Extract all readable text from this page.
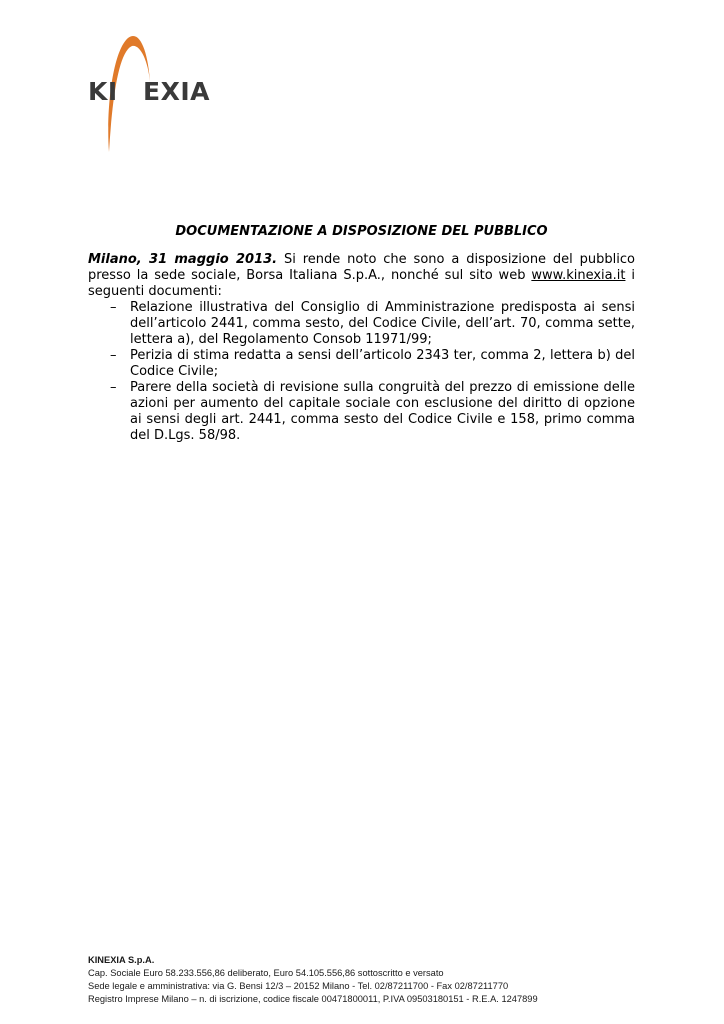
KI EXIA
DOCUMENTAZIONE A DISPOSIZIONE DEL PUBBLICO

Milano, 31 maggio 2013. Si rende noto che sono a disposizione del pubblico presso la sede sociale, Borsa Italiana S.p.A., nonché sul sito web www.kinexia.it i seguenti documenti:

– Relazione illustrativa del Consiglio di Amministrazione predisposta ai sensi dell’articolo 2441, comma sesto, del Codice Civile, dell’art. 70, comma sette, lettera a), del Regolamento Consob 11971/99;
– Perizia di stima redatta a sensi dell’articolo 2343 ter, comma 2, lettera b) del Codice Civile;
– Parere della società di revisione sulla congruità del prezzo di emissione delle azioni per aumento del capitale sociale con esclusione del diritto di opzione ai sensi degli art. 2441, comma sesto del Codice Civile e 158, primo comma del D.Lgs. 58/98.
KINEXIA S.p.A.
Cap. Sociale Euro 58.233.556,86 deliberato, Euro 54.105.556,86 sottoscritto e versato
Sede legale e amministrativa: via G. Bensi 12/3 – 20152 Milano - Tel. 02/87211700 - Fax 02/87211770
Registro Imprese Milano – n. di iscrizione, codice fiscale 00471800011, P.IVA 09503180151 - R.E.A. 1247899
